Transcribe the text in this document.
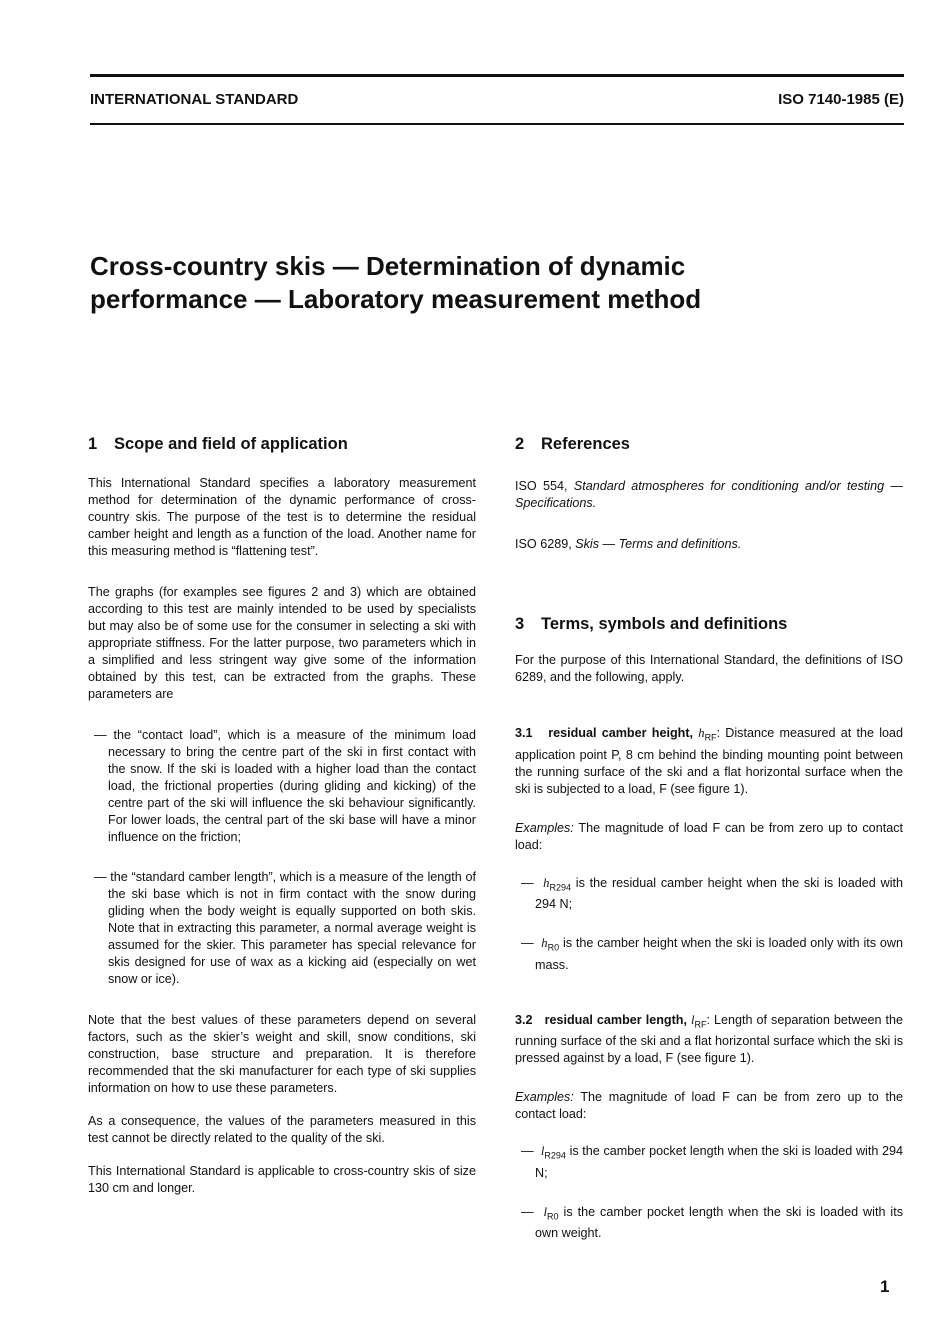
INTERNATIONAL STANDARD	ISO 7140-1985 (E)
Cross-country skis — Determination of dynamic
performance — Laboratory measurement method
1 Scope and field of application

This International Standard specifies a laboratory measurement method for determination of the dynamic performance of cross-country skis. The purpose of the test is to determine the residual camber height and length as a function of the load. Another name for this measuring method is “flattening test”.

The graphs (for examples see figures 2 and 3) which are obtained according to this test are mainly intended to be used by specialists but may also be of some use for the consumer in selecting a ski with appropriate stiffness. For the latter purpose, two parameters which in a simplified and less stringent way give some of the information obtained by this test, can be extracted from the graphs. These parameters are

— the “contact load”, which is a measure of the minimum load necessary to bring the centre part of the ski in first contact with the snow. If the ski is loaded with a higher load than the contact load, the frictional properties (during gliding and kicking) of the centre part of the ski will influence the ski behaviour significantly. For lower loads, the central part of the ski base will have a minor influence on the friction;

— the “standard camber length”, which is a measure of the length of the ski base which is not in firm contact with the snow during gliding when the body weight is equally supported on both skis. Note that in extracting this parameter, a normal average weight is assumed for the skier. This parameter has special relevance for skis designed for use of wax as a kicking aid (especially on wet snow or ice).

Note that the best values of these parameters depend on several factors, such as the skier’s weight and skill, snow conditions, ski construction, base structure and preparation. It is therefore recommended that the ski manufacturer for each type of ski supplies information on how to use these parameters.

As a consequence, the values of the parameters measured in this test cannot be directly related to the quality of the ski.

This International Standard is applicable to cross-country skis of size 130 cm and longer.

2 References

ISO 554, Standard atmospheres for conditioning and/or testing — Specifications.

ISO 6289, Skis — Terms and definitions.

3 Terms, symbols and definitions

For the purpose of this International Standard, the definitions of ISO 6289, and the following, apply.

3.1 residual camber height, $h_{RF}$: Distance measured at the load application point P, 8 cm behind the binding mounting point between the running surface of the ski and a flat horizontal surface when the ski is subjected to a load, F (see figure 1).

Examples: The magnitude of load F can be from zero up to contact load:

—  $h_{R294}$ is the residual camber height when the ski is loaded with 294 N;

—  $h_{R0}$ is the camber height when the ski is loaded only with its own mass.

3.2 residual camber length, $l_{RF}$: Length of separation between the running surface of the ski and a flat horizontal surface which the ski is pressed against by a load, F (see figure 1).

Examples: The magnitude of load F can be from zero up to the contact load:

—  $l_{R294}$ is the camber pocket length when the ski is loaded with 294 N;

—  $l_{R0}$ is the camber pocket length when the ski is loaded with its own weight.

1
